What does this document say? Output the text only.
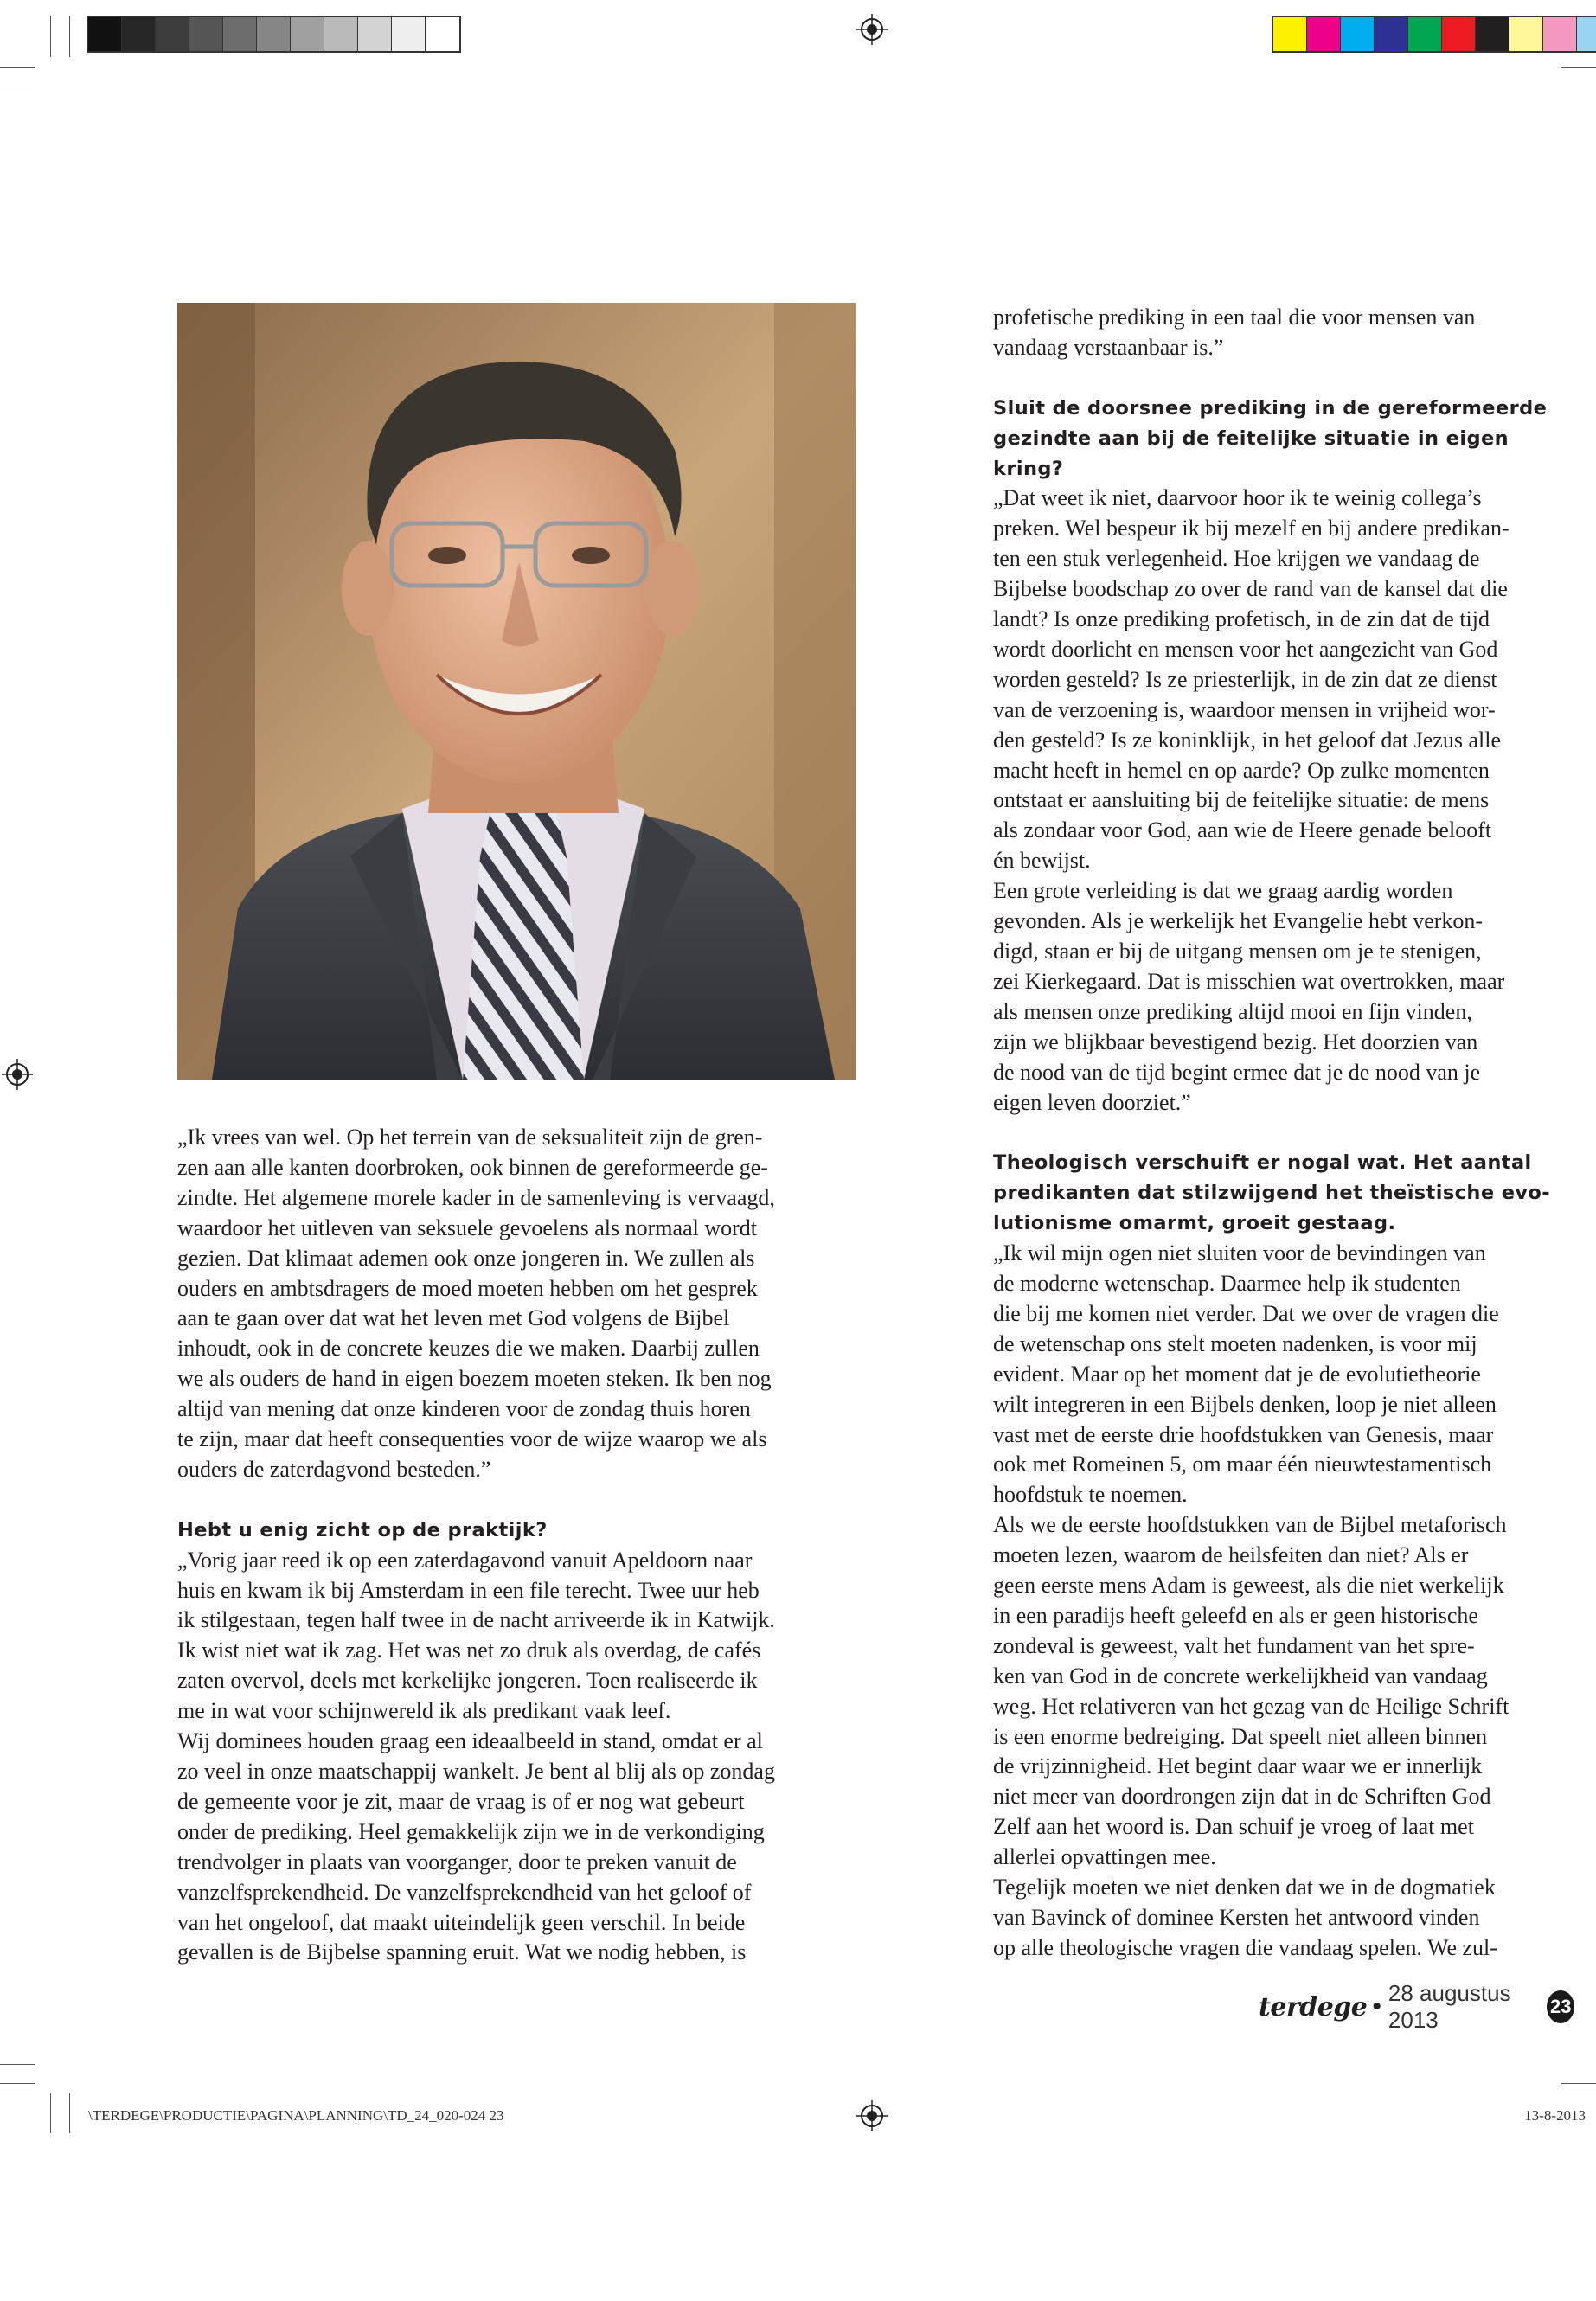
„Ik vrees van wel. Op het terrein van de seksualiteit zijn de gren-

zen aan alle kanten doorbroken, ook binnen de gereformeerde ge-

zindte. Het algemene morele kader in de samenleving is vervaagd,

waardoor het uitleven van seksuele gevoelens als normaal wordt

gezien. Dat klimaat ademen ook onze jongeren in. We zullen als

ouders en ambtsdragers de moed moeten hebben om het gesprek

aan te gaan over dat wat het leven met God volgens de Bijbel

inhoudt, ook in de concrete keuzes die we maken. Daarbij zullen

we als ouders de hand in eigen boezem moeten steken. Ik ben nog

altijd van mening dat onze kinderen voor de zondag thuis horen

te zijn, maar dat heeft consequenties voor de wijze waarop we als

ouders de zaterdagvond besteden.”

Hebt u enig zicht op de praktijk?

„Vorig jaar reed ik op een zaterdagavond vanuit Apeldoorn naar

huis en kwam ik bij Amsterdam in een file terecht. Twee uur heb

ik stilgestaan, tegen half twee in de nacht arriveerde ik in Katwijk.

Ik wist niet wat ik zag. Het was net zo druk als overdag, de cafés

zaten overvol, deels met kerkelijke jongeren. Toen realiseerde ik

me in wat voor schijnwereld ik als predikant vaak leef.

Wij dominees houden graag een ideaalbeeld in stand, omdat er al

zo veel in onze maatschappij wankelt. Je bent al blij als op zondag

de gemeente voor je zit, maar de vraag is of er nog wat gebeurt

onder de prediking. Heel gemakkelijk zijn we in de verkondiging

trendvolger in plaats van voorganger, door te preken vanuit de

vanzelfsprekendheid. De vanzelfsprekendheid van het geloof of

van het ongeloof, dat maakt uiteindelijk geen verschil. In beide

gevallen is de Bijbelse spanning eruit. Wat we nodig hebben, is

profetische prediking in een taal die voor mensen van

vandaag verstaanbaar is.”

Sluit de doorsnee prediking in de gereformeerde

gezindte aan bij de feitelijke situatie in eigen

kring?

„Dat weet ik niet, daarvoor hoor ik te weinig collega’s

preken. Wel bespeur ik bij mezelf en bij andere predikan-

ten een stuk verlegenheid. Hoe krijgen we vandaag de

Bijbelse boodschap zo over de rand van de kansel dat die

landt? Is onze prediking profetisch, in de zin dat de tijd

wordt doorlicht en mensen voor het aangezicht van God

worden gesteld? Is ze priesterlijk, in de zin dat ze dienst

van de verzoening is, waardoor mensen in vrijheid wor-

den gesteld? Is ze koninklijk, in het geloof dat Jezus alle

macht heeft in hemel en op aarde? Op zulke momenten

ontstaat er aansluiting bij de feitelijke situatie: de mens

als zondaar voor God, aan wie de Heere genade belooft

én bewijst.

Een grote verleiding is dat we graag aardig worden

gevonden. Als je werkelijk het Evangelie hebt verkon-

digd, staan er bij de uitgang mensen om je te stenigen,

zei Kierkegaard. Dat is misschien wat overtrokken, maar

als mensen onze prediking altijd mooi en fijn vinden,

zijn we blijkbaar bevestigend bezig. Het doorzien van

de nood van de tijd begint ermee dat je de nood van je

eigen leven doorziet.”

Theologisch verschuift er nogal wat. Het aantal

predikanten dat stilzwijgend het theïstische evo-

lutionisme omarmt, groeit gestaag.

„Ik wil mijn ogen niet sluiten voor de bevindingen van

de moderne wetenschap. Daarmee help ik studenten

die bij me komen niet verder. Dat we over de vragen die

de wetenschap ons stelt moeten nadenken, is voor mij

evident. Maar op het moment dat je de evolutietheorie

wilt integreren in een Bijbels denken, loop je niet alleen

vast met de eerste drie hoofdstukken van Genesis, maar

ook met Romeinen 5, om maar één nieuwtestamentisch

hoofdstuk te noemen.

Als we de eerste hoofdstukken van de Bijbel metaforisch

moeten lezen, waarom de heilsfeiten dan niet? Als er

geen eerste mens Adam is geweest, als die niet werkelijk

in een paradijs heeft geleefd en als er geen historische

zondeval is geweest, valt het fundament van het spre-

ken van God in de concrete werkelijkheid van vandaag

weg. Het relativeren van het gezag van de Heilige Schrift

is een enorme bedreiging. Dat speelt niet alleen binnen

de vrijzinnigheid. Het begint daar waar we er innerlijk

niet meer van doordrongen zijn dat in de Schriften God

Zelf aan het woord is. Dan schuif je vroeg of laat met

allerlei opvattingen mee.

Tegelijk moeten we niet denken dat we in de dogmatiek

van Bavinck of dominee Kersten het antwoord vinden

op alle theologische vragen die vandaag spelen. We zul-

terdege • 28 augustus 2013
23
\TERDEGE\PRODUCTIE\PAGINA\PLANNING\TD_24_020-024 23	13-8-2013
